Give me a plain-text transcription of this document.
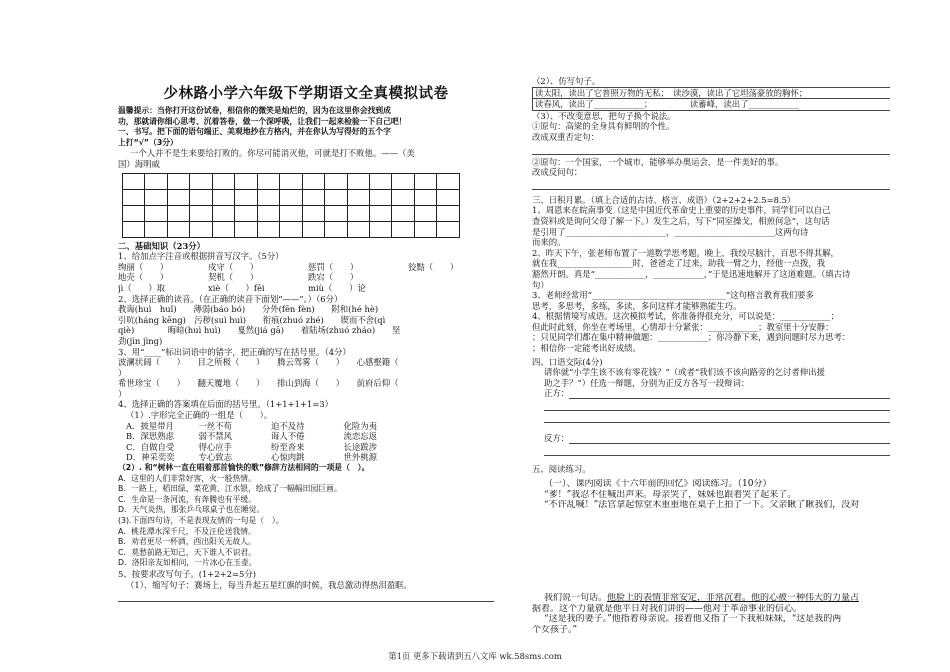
少林路小学六年级下学期语文全真模拟试卷
温馨提示：当你打开这份试卷，相信你的微笑是灿烂的，因为在这里你会找到成
功，那就请你细心思考、沉着答卷，做一个深呼吸，让我们一起来检验一下自己吧！
一、书写。把下面的语句端正、美观地抄在方格内，并在你认为写得好的五个字
上打“√”（3分）
一个人并不是生来要给打败的。你尽可能消灭他，可就是打不败他。——（美
国）海明威

二、基础知识（23分）
1、给加点字注音或根据拼音写汉字。（5分）
绚丽（　　）	戍守（　　）	惩罚（　　）	狡黠（　　）
地壳（　　）	契机（　　）	跌宕（　　）
jì（　　）取	xiè（　　）fēi	miù（　　）论
2、选择正确的读音。（在正确的读音下面划“——”。）（6分）
教诲(huì　huǐ)　　薄弱(báo bó)　　分外(fēn fèn)　　附和(hé hè)
引吭(háng kēng)　污秽(suì huì)　　衔痕(zhuó zhé)　　锲而不舍(qì
qiè)　　　　晦暗(huì huì)　　戛然(jiá gā)　　着陆场(zhuó zháo)　　坚
劲(jìn jìng)
3、用“____”标出词语中的错字，把正确的写在括号里。（4分）
波澜状阔（　　）　　目之所极（　　）　　腾云驾雾（　　）　　心感壑籍（
）
希世珍宝（　　）　　翻天覆地（　　）　　排山到海（　　）　　前府后仰（
）
4、选择正确的答案填在后面的括号里。（1+1+1+1=3）
（1）.字形完全正确的一组是（　　）。
A．披星带月	一丝不苟	迫不及待	化险为夷
B．深思熟虑	弱不禁风	诲人不倦	流恋忘返
C．自做自受	得心应手	纷至沓来	长途跋涉
D．神采奕奕	专心致志	心惊肉跳	世外桃源
（2）. 和“树林一直在唱着那首愉快的歌”修辞方法相同的一项是（　）。
A．这里的人们非常好客，火一般热情。
B．一路上，稻田绿、菜花黄、江水银，绘成了一幅幅田园巨画。
C．生命是一条河流，有奔腾也有平缓。
D．天气炎热，那张乒乓球桌子也在睡觉。
(3).下面四句诗，不是表现友情的一句是（　）。
A．桃花潭水深千尺，不及汪伦送我情。
B．劝君更尽一杯酒，西出阳关无故人。
C．莫愁前路无知己，天下谁人不识君。
D．洛阳亲友如相问，一片冰心在玉壶。
5、按要求改写句子。(1+2+2=5分)
（1）、缩写句子：赛场上，每当升起五星红旗的时候，我总激动得热泪盈眶。
（2）、仿写句子。
读太阳，读出了它普照万物的无私；　读沙漠，读出了它坦荡豪放的胸怀；
读春风，读出了____________；　　　　　读蓄峰，读出了____________
（3）、不改变意思，把句子换个说法。
①原句：高梁的全身具有鲜明的个性。
改成双重否定句：
②原句：一个国家，一个城市，能够举办奥运会，是一件美好的事。
改成反问句：
三、日积月累。（填上合适的古诗、格言、成语）（2+2+2+2.5=8.5）
1、周恩来在皖南事变（这是中国近代革命史上重要的历史事件，同学们可以自己
查资料或是询问父母了解一下。）发生之后，写下“同室操戈，相煎何急”，这句话
是引用了________________________，________________________这两句诗
而来的。
2、昨天下午，张老师布置了一道数学思考题。晚上，我绞尽脑汁，百思不得其解，
就在我__________________时，爸爸走了过来，助我一臂之力，经他一点拨，我
豁然开朗。真是“____________，____________，”于是迅速地解开了这道难题。（填古诗
句）
3、老师经常用“________________________________”这句格言教育我们要多
思考，多思考，多练，多读，多问这样才能够熟能生巧。
4、根据情境写成语。这次模拟考试，你准备得很充分，可以说是：____________；
但此时此刻，你坐在考场里，心情却十分紧张：____________；教室里十分安静：
；只见同学们都在集中精神做题：____________；你冷静下来，遇到问题时尽力思考：
；相信你一定能考出好成绩。
四、口语交际(4分)
请你就“小学生该不该有零花钱？”（或者“我们该不该向路旁的乞讨者伸出援
助之手？”）任选一辩题，分别为正反方各写一段辩词：
正方：
反方：
五、阅读练习。
（一）、课内阅读《十六年前的回忆》阅读练习。（10分）
“爹！”我忍不住喊出声来。母亲哭了，妹妹也跟着哭了起来了。
“不许乱喊！”法官拿起惊堂木重重地在桌子上拍了一下。父亲瞅了瞅我们，没对
我们说一句话。他脸上的表情非常安定，非常沉着。他的心被一种伟大的力量占
据着。这个力量就是他平日对我们讲的——他对于革命事业的信心。
“这是我的妻子。”他指着母亲说。接着他又指了一下我和妹妹，“这是我的两
个女孩子。”
第1页 更多下载请到五八文库 wk.58sms.com
